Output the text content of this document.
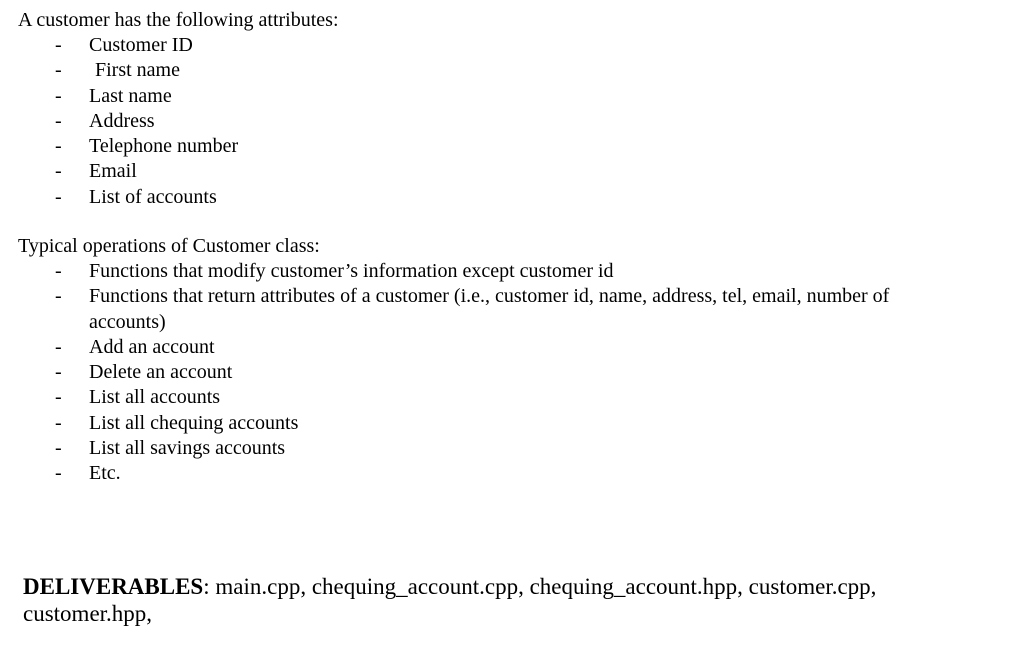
A customer has the following attributes:

- Customer ID
- First name
- Last name
- Address
- Telephone number
- Email
- List of accounts

Typical operations of Customer class:

- Functions that modify customer’s information except customer id
- Functions that return attributes of a customer (i.e., customer id, name, address, tel, email, number of accounts)
- Add an account
- Delete an account
- List all accounts
- List all chequing accounts
- List all savings accounts
- Etc.
DELIVERABLES: main.cpp, chequing_account.cpp, chequing_account.hpp, customer.cpp, customer.hpp,
